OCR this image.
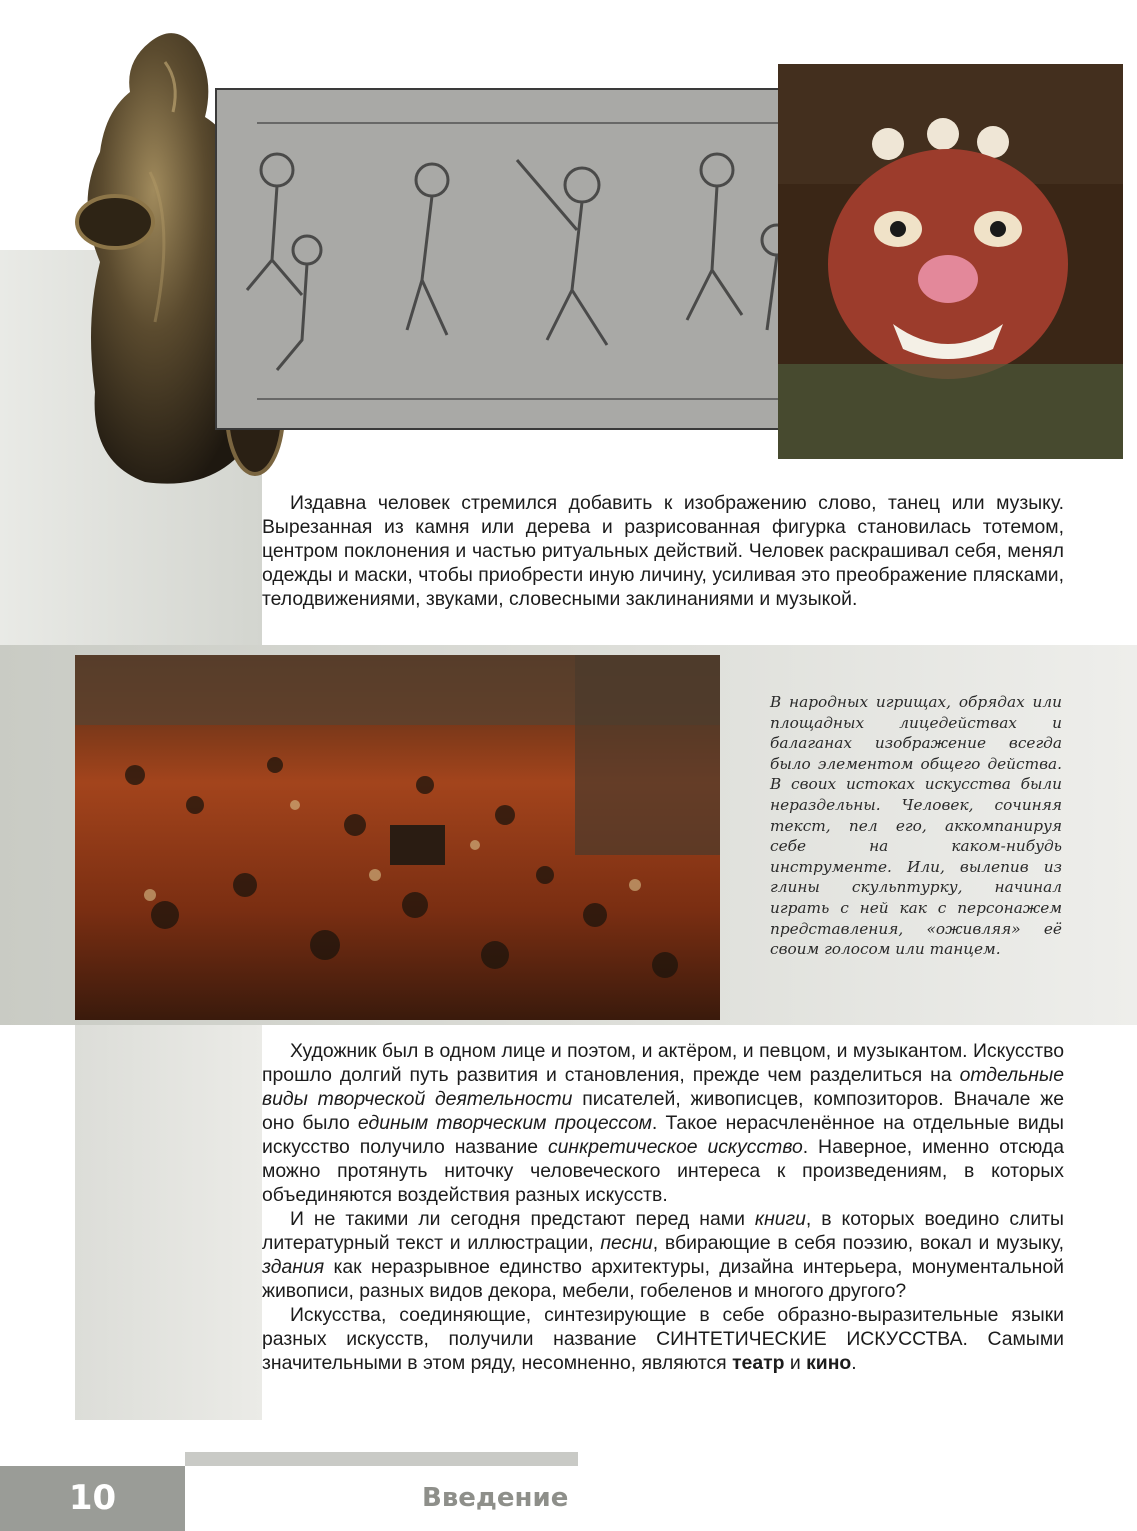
Издавна человек стремился добавить к изображению слово, танец или музыку. Вырезанная из камня или дерева и разрисованная фигурка становилась тотемом, центром поклонения и частью ритуальных действий. Человек раскрашивал себя, менял одежды и маски, чтобы приобрести иную личину, усиливая это преображение плясками, телодвижениями, звуками, словесными заклинаниями и музыкой.

В народных игрищах, обрядах или площадных лицедействах и балаганах изображение всегда было элементом общего действа. В своих истоках искусства были нераздельны. Человек, сочиняя текст, пел его, аккомпанируя себе на каком-нибудь инструменте. Или, вылепив из глины скульптурку, начинал играть с ней как с персонажем представления, «оживляя» её своим голосом или танцем.

Художник был в одном лице и поэтом, и актёром, и певцом, и музыкантом. Искусство прошло долгий путь развития и становления, прежде чем разделиться на отдельные виды творческой деятельности писателей, живописцев, композиторов. Вначале же оно было единым творческим процессом. Такое нерасчленённое на отдельные виды искусство получило название синкретическое искусство. Наверное, именно отсюда можно протянуть ниточку человеческого интереса к произведениям, в которых объединяются воздействия разных искусств.

И не такими ли сегодня предстают перед нами книги, в которых воедино слиты литературный текст и иллюстрации, песни, вбирающие в себя поэзию, вокал и музыку, здания как неразрывное единство архитектуры, дизайна интерьера, монументальной живописи, разных видов декора, мебели, гобеленов и многого другого?

Искусства, соединяющие, синтезирующие в себе образно-выразительные языки разных искусств, получили название СИНТЕТИЧЕСКИЕ ИСКУССТВА. Самыми значительными в этом ряду, несомненно, являются театр и кино.

10	Введение
